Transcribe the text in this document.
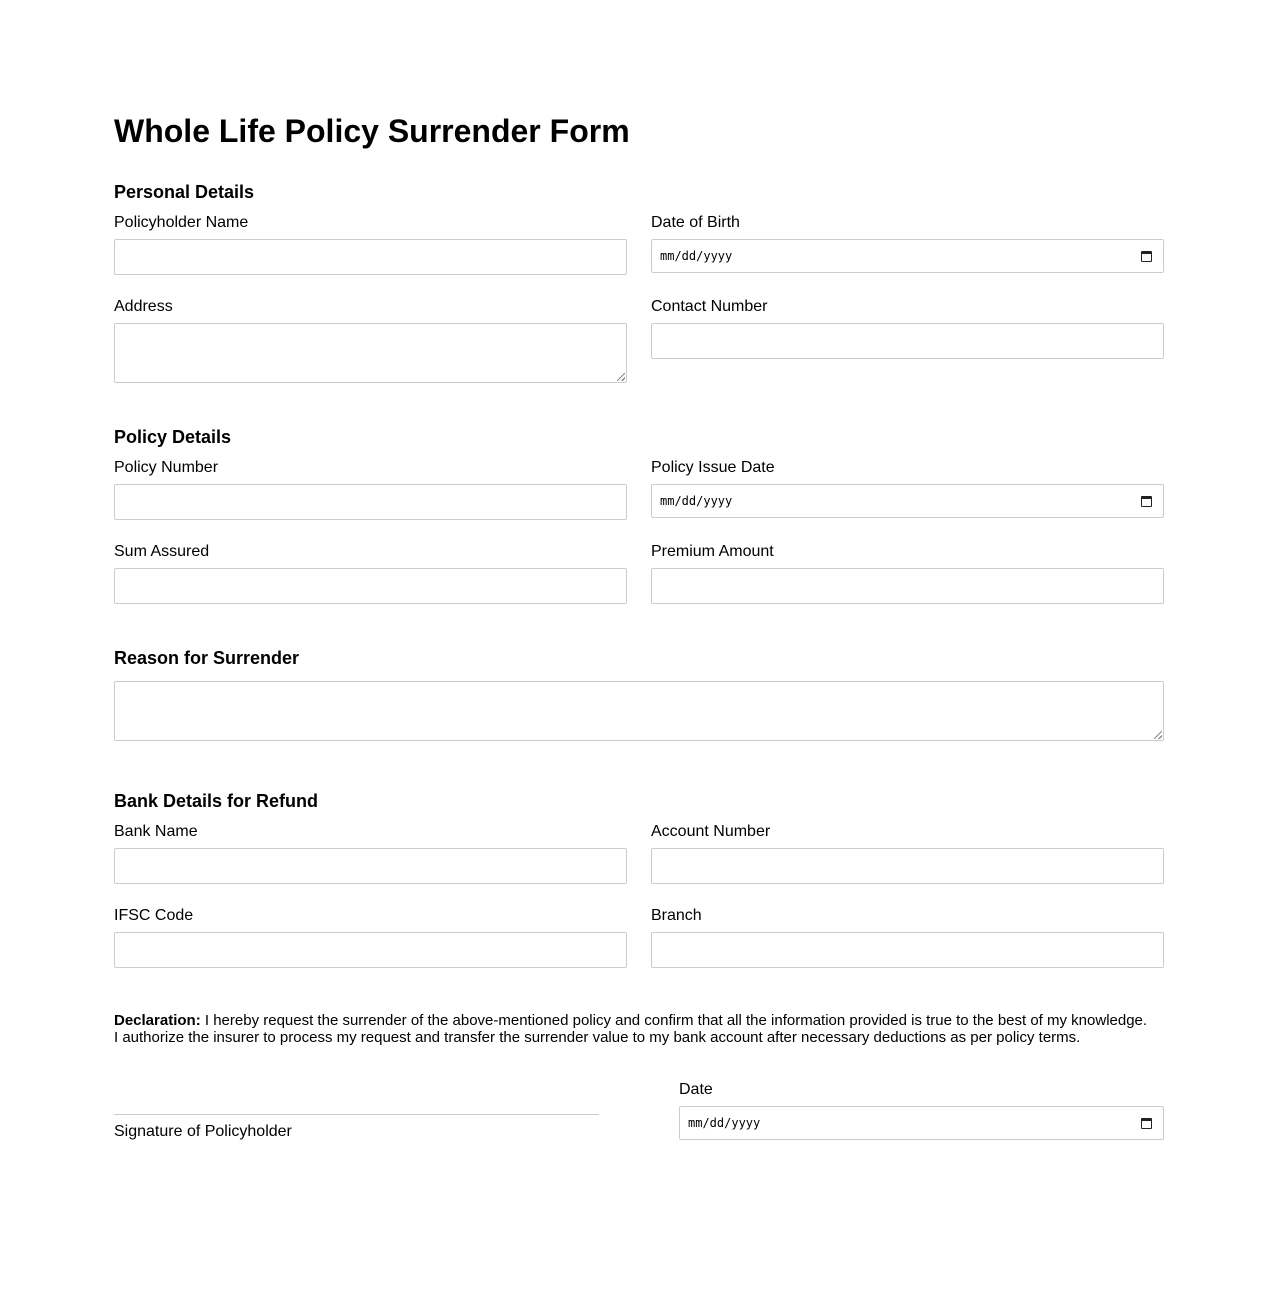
Whole Life Policy Surrender Form
Personal Details
Policyholder Name	Date of Birth
mm/dd/yyyy
Address	Contact Number
Policy Details
Policy Number	Policy Issue Date
mm/dd/yyyy
Sum Assured	Premium Amount
Reason for Surrender
Bank Details for Refund
Bank Name	Account Number
IFSC Code	Branch

Declaration: I hereby request the surrender of the above-mentioned policy and confirm that all the information provided is true to the best of my knowledge.
I authorize the insurer to process my request and transfer the surrender value to my bank account after necessary deductions as per policy terms.

Signature of Policyholder
Date
mm/dd/yyyy
